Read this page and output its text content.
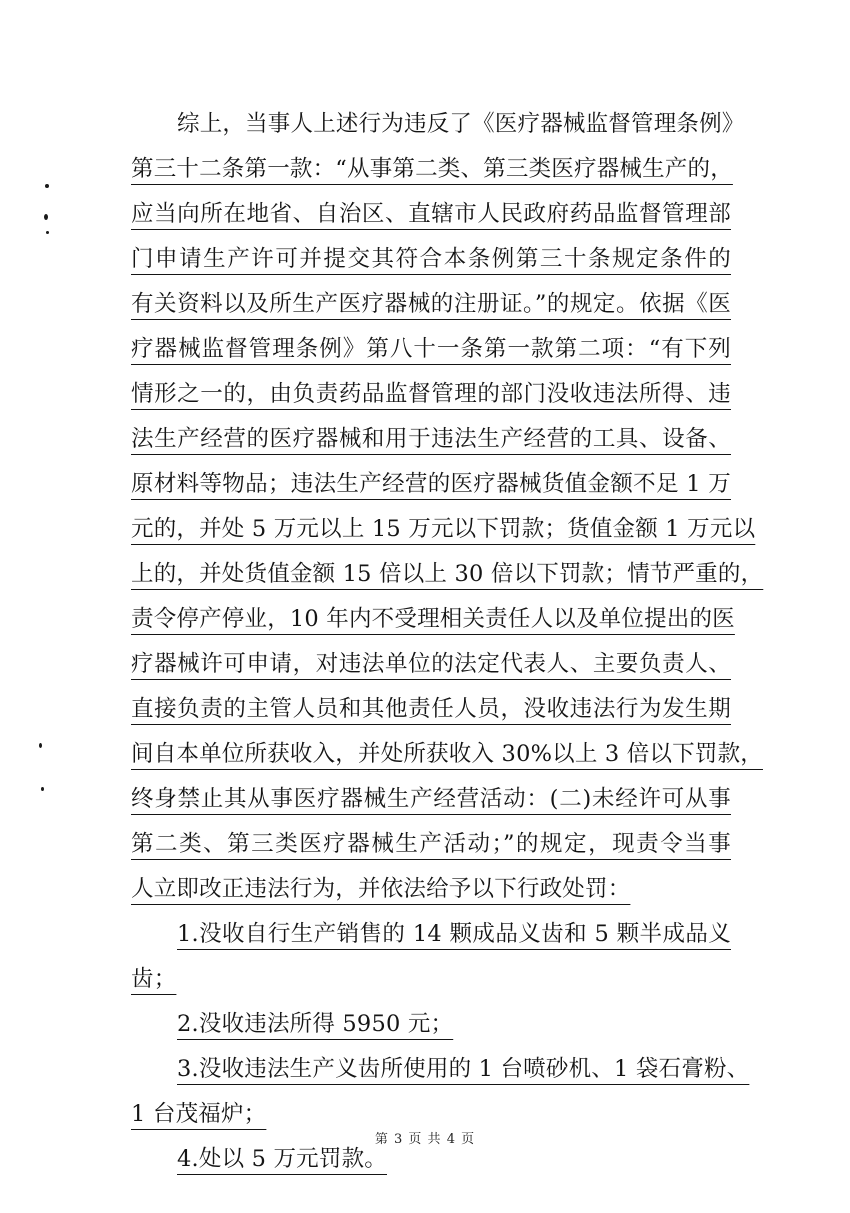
综上，当事人上述行为违反了《医疗器械监督管理条例》
第三十二条第一款：“从事第二类、第三类医疗器械生产的，
应当向所在地省、自治区、直辖市人民政府药品监督管理部
门申请生产许可并提交其符合本条例第三十条规定条件的
有关资料以及所生产医疗器械的注册证。”的规定。依据《医
疗器械监督管理条例》第八十一条第一款第二项：“有下列
情形之一的，由负责药品监督管理的部门没收违法所得、违
法生产经营的医疗器械和用于违法生产经营的工具、设备、
原材料等物品；违法生产经营的医疗器械货值金额不足 1 万
元的，并处 5 万元以上 15 万元以下罚款；货值金额 1 万元以
上的，并处货值金额 15 倍以上 30 倍以下罚款；情节严重的，
责令停产停业，10 年内不受理相关责任人以及单位提出的医
疗器械许可申请，对违法单位的法定代表人、主要负责人、
直接负责的主管人员和其他责任人员，没收违法行为发生期
间自本单位所获收入，并处所获收入 30%以上 3 倍以下罚款，
终身禁止其从事医疗器械生产经营活动：(二)未经许可从事
第二类、第三类医疗器械生产活动；”的规定，现责令当事
人立即改正违法行为，并依法给予以下行政处罚：
1.没收自行生产销售的 14 颗成品义齿和 5 颗半成品义
齿；
2.没收违法所得 5950 元；
3.没收违法生产义齿所使用的 1 台喷砂机、1 袋石膏粉、
1 台茂福炉；
4.处以 5 万元罚款。
第 3 页 共 4 页
